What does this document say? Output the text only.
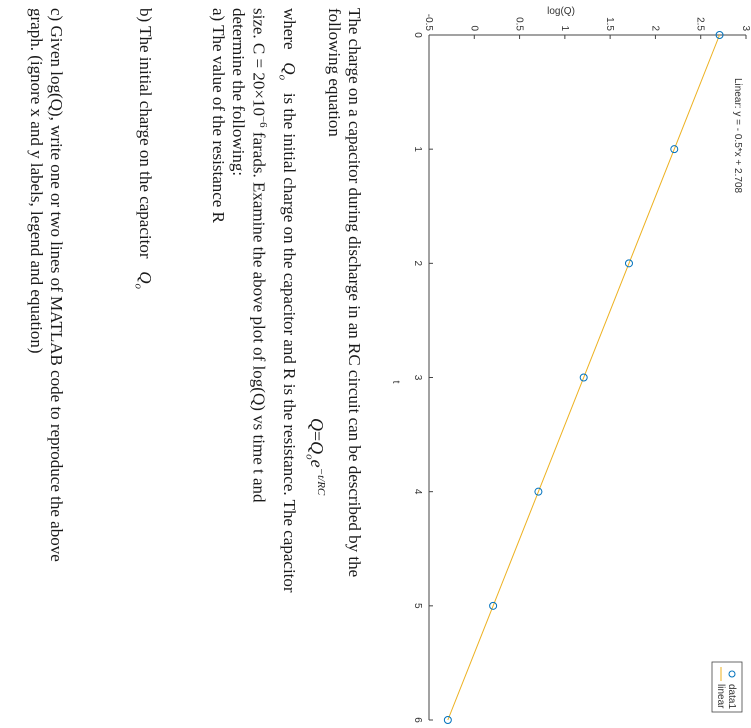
0
1
2
3
4
5
6
-0.5	0	0.5	1	1.5	2	2.5	3
data1
linear
Linear: y = - 0.5*x + 2.708
log(Q)
t
The charge on a capacitor during discharge in an RC circuit can be described by the
following equation
$Q=Q_oe^{-t/RC}$
where   $Q_o$   is the initial charge on the capacitor and R is the resistance. The capacitor
size. $C = 20\times 10^{-6}$ farads. Examine the above plot of log(Q) vs time t and
determine the following:
a) The value of the resistance R
b) The initial charge on the capacitor   $Q_o$
c) Given log(Q), write one or two lines of MATLAB code to reproduce the above
graph. (ignore x and y labels, legend and equation)
